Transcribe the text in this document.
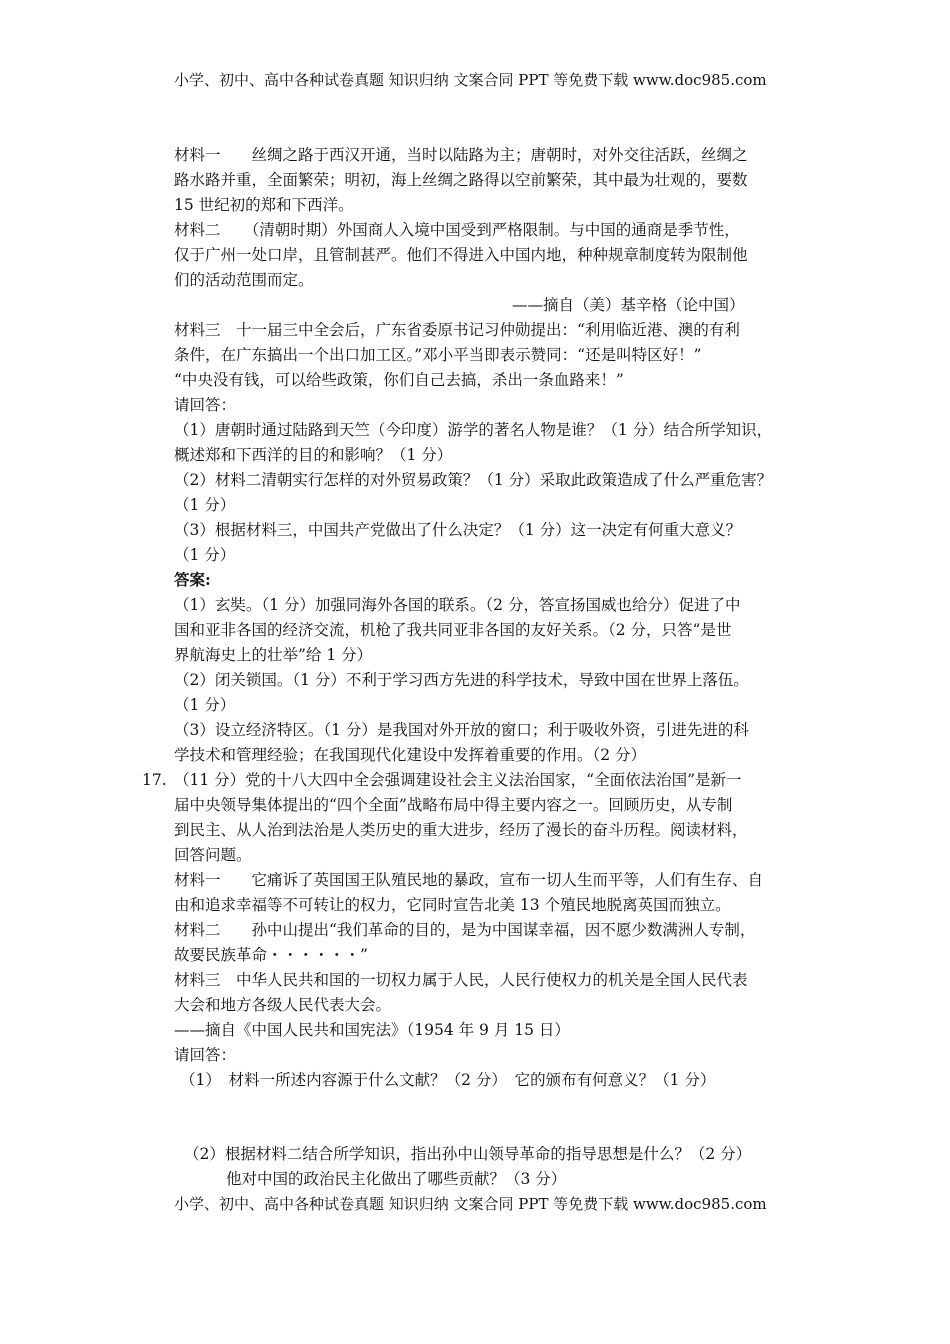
小学、初中、高中各种试卷真题 知识归纳 文案合同 PPT 等免费下载 www.doc985.com
材料一　　丝绸之路于西汉开通，当时以陆路为主；唐朝时，对外交往活跃，丝绸之
路水路并重，全面繁荣；明初，海上丝绸之路得以空前繁荣，其中最为壮观的，要数
15 世纪初的郑和下西洋。
材料二　　（清朝时期）外国商人入境中国受到严格限制。与中国的通商是季节性，
仅于广州一处口岸，且管制甚严。他们不得进入中国内地，种种规章制度转为限制他
们的活动范围而定。
——摘自（美）基辛格（论中国）
材料三　十一届三中全会后，广东省委原书记习仲勋提出：“利用临近港、澳的有利
条件，在广东搞出一个出口加工区。”邓小平当即表示赞同：“还是叫特区好！”
“中央没有钱，可以给些政策，你们自己去搞，杀出一条血路来！”
请回答：
（1）唐朝时通过陆路到天竺（今印度）游学的著名人物是谁？（1 分）结合所学知识，
概述郑和下西洋的目的和影响？（1 分）
（2）材料二清朝实行怎样的对外贸易政策？（1 分）采取此政策造成了什么严重危害？
（1 分）
（3）根据材料三，中国共产党做出了什么决定？（1 分）这一决定有何重大意义？
（1 分）
答案:
（1）玄奘。（1 分）加强同海外各国的联系。（2 分，答宣扬国威也给分）促进了中
国和亚非各国的经济交流，机枪了我共同亚非各国的友好关系。（2 分，只答“是世
界航海史上的壮举”给 1 分）
（2）闭关锁国。（1 分）不利于学习西方先进的科学技术，导致中国在世界上落伍。
（1 分）
（3）设立经济特区。（1 分）是我国对外开放的窗口；利于吸收外资，引进先进的科
学技术和管理经验；在我国现代化建设中发挥着重要的作用。（2 分）
17. （11 分）党的十八大四中全会强调建设社会主义法治国家，“全面依法治国”是新一
届中央领导集体提出的“四个全面”战略布局中得主要内容之一。回顾历史，从专制
到民主、从人治到法治是人类历史的重大进步，经历了漫长的奋斗历程。阅读材料，
回答问题。
材料一　　它痛诉了英国国王队殖民地的暴政，宣布一切人生而平等，人们有生存、自
由和追求幸福等不可转让的权力，它同时宣告北美 13 个殖民地脱离英国而独立。
材料二　　孙中山提出“我们革命的目的，是为中国谋幸福，因不愿少数满洲人专制，
故要民族革命・・・・・・”
材料三　中华人民共和国的一切权力属于人民，人民行使权力的机关是全国人民代表
大会和地方各级人民代表大会。
——摘自《中国人民共和国宪法》（1954 年 9 月 15 日）
请回答：
（1）　材料一所述内容源于什么文献？（2 分）　它的颁布有何意义？（1 分）
（2）根据材料二结合所学知识，指出孙中山领导革命的指导思想是什么？（2 分）
他对中国的政治民主化做出了哪些贡献？（3 分）
小学、初中、高中各种试卷真题 知识归纳 文案合同 PPT 等免费下载 www.doc985.com
